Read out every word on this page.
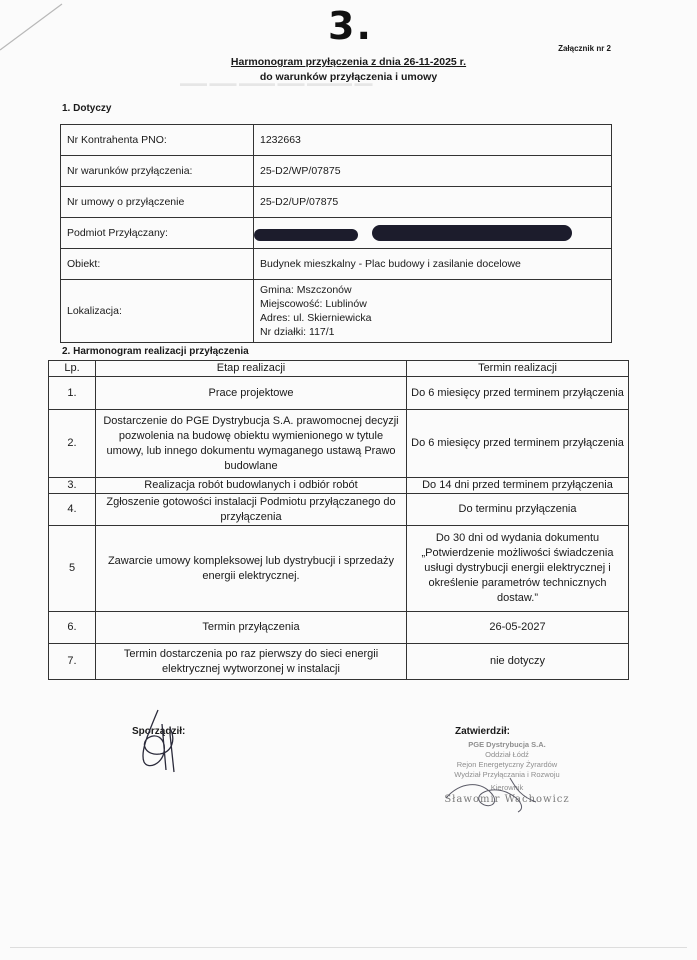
3.
Załącznik nr 2
Harmonogram przyłączenia z dnia 26-11-2025 r.
do warunków przyłączenia i umowy
▬▬▬ ▬▬▬ ▬▬▬▬ ▬▬▬ ▬▬▬▬▬ ▬▬
1. Dotyczy
Nr Kontrahenta PNO:	1232663
Nr warunków przyłączenia:	25-D2/WP/07875
Nr umowy o przyłączenie	25-D2/UP/07875
Podmiot Przyłączany:	
Obiekt:	Budynek mieszkalny - Plac budowy i zasilanie docelowe
Lokalizacja:	Gmina: Mszczonów
Miejscowość: Lublinów
Adres: ul. Skierniewicka
Nr działki: 117/1
2. Harmonogram realizacji przyłączenia
Lp.	Etap realizacji	Termin realizacji
1.	Prace projektowe	Do 6 miesięcy przed terminem przyłączenia
2.	Dostarczenie do PGE Dystrybucja S.A. prawomocnej decyzji pozwolenia na budowę obiektu wymienionego w tytule umowy, lub innego dokumentu wymaganego ustawą Prawo budowlane	Do 6 miesięcy przed terminem przyłączenia
3.	Realizacja robót budowlanych i odbiór robót	Do 14 dni przed terminem przyłączenia
4.	Zgłoszenie gotowości instalacji Podmiotu przyłączanego do przyłączenia	Do terminu przyłączenia
5	Zawarcie umowy kompleksowej lub dystrybucji i sprzedaży energii elektrycznej.	Do 30 dni od wydania dokumentu „Potwierdzenie możliwości świadczenia usługi dystrybucji energii elektrycznej i określenie parametrów technicznych dostaw.”
6.	Termin przyłączenia	26-05-2027
7.	Termin dostarczenia po raz pierwszy do sieci energii elektrycznej wytworzonej w instalacji	nie dotyczy
Sporządził:	Zatwierdził:
PGE Dystrybucja S.A.
Oddział Łódź
Rejon Energetyczny Żyrardów
Wydział Przyłączania i Rozwoju
Kierownik
Sławomir Wachowicz
